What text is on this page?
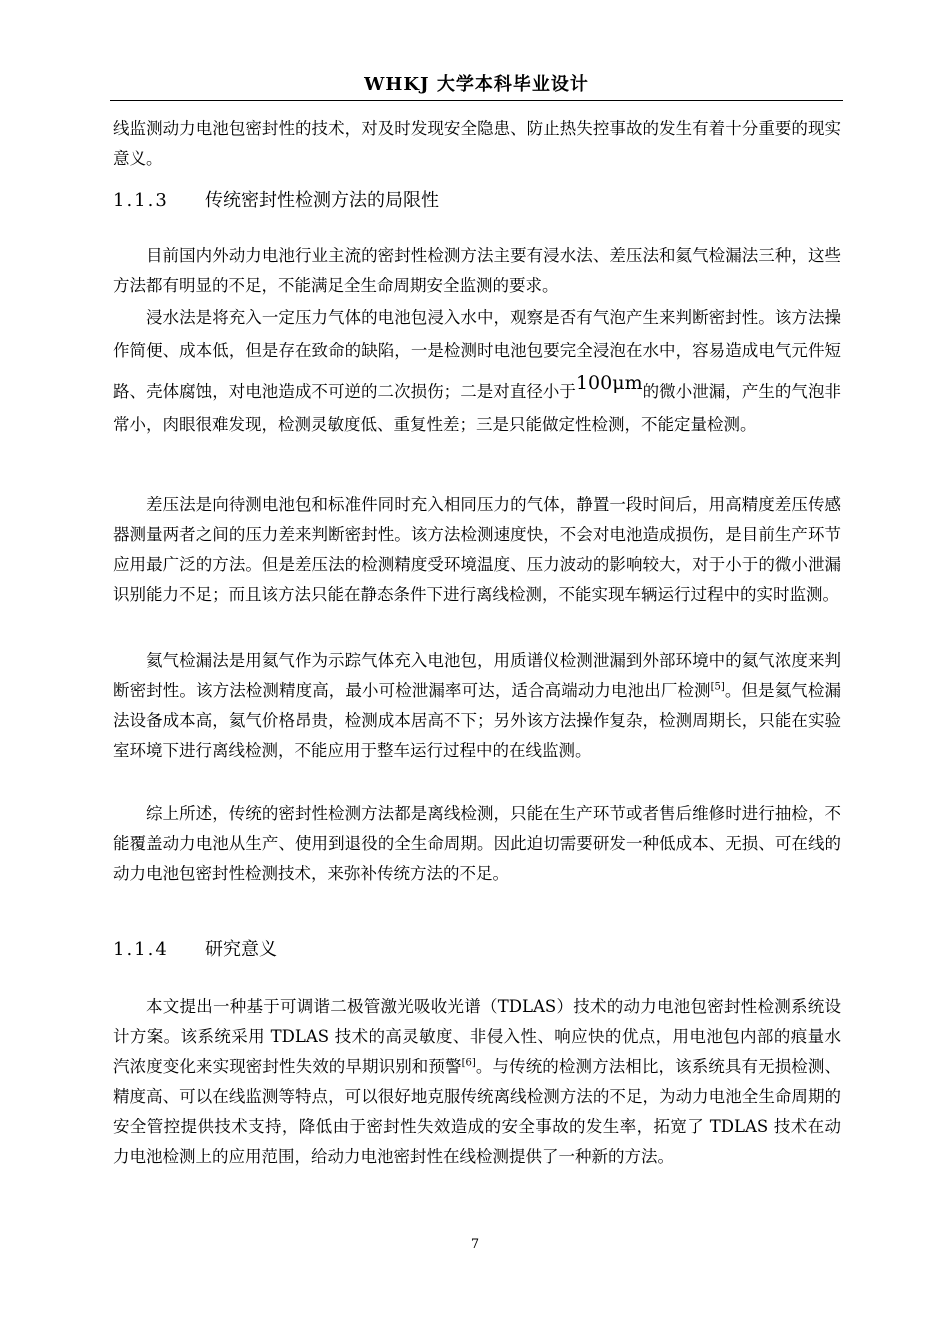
WHKJ 大学本科毕业设计

线监测动力电池包密封性的技术，对及时发现安全隐患、防止热失控事故的发生有着十分重要的现实意义。

1.1.3 传统密封性检测方法的局限性

目前国内外动力电池行业主流的密封性检测方法主要有浸水法、差压法和氦气检漏法三种，这些方法都有明显的不足，不能满足全生命周期安全监测的要求。

浸水法是将充入一定压力气体的电池包浸入水中，观察是否有气泡产生来判断密封性。该方法操作简便、成本低，但是存在致命的缺陷，一是检测时电池包要完全浸泡在水中，容易造成电气元件短路、壳体腐蚀，对电池造成不可逆的二次损伤；二是对直径小于100μm的微小泄漏，产生的气泡非常小，肉眼很难发现，检测灵敏度低、重复性差；三是只能做定性检测，不能定量检测。

差压法是向待测电池包和标准件同时充入相同压力的气体，静置一段时间后，用高精度差压传感器测量两者之间的压力差来判断密封性。该方法检测速度快，不会对电池造成损伤，是目前生产环节应用最广泛的方法。但是差压法的检测精度受环境温度、压力波动的影响较大，对于小于的微小泄漏识别能力不足；而且该方法只能在静态条件下进行离线检测，不能实现车辆运行过程中的实时监测。

氦气检漏法是用氦气作为示踪气体充入电池包，用质谱仪检测泄漏到外部环境中的氦气浓度来判断密封性。该方法检测精度高，最小可检泄漏率可达，适合高端动力电池出厂检测[5]。但是氦气检漏法设备成本高，氦气价格昂贵，检测成本居高不下；另外该方法操作复杂，检测周期长，只能在实验室环境下进行离线检测，不能应用于整车运行过程中的在线监测。

综上所述，传统的密封性检测方法都是离线检测，只能在生产环节或者售后维修时进行抽检，不能覆盖动力电池从生产、使用到退役的全生命周期。因此迫切需要研发一种低成本、无损、可在线的动力电池包密封性检测技术，来弥补传统方法的不足。

1.1.4 研究意义

本文提出一种基于可调谐二极管激光吸收光谱（TDLAS）技术的动力电池包密封性检测系统设计方案。该系统采用 TDLAS 技术的高灵敏度、非侵入性、响应快的优点，用电池包内部的痕量水汽浓度变化来实现密封性失效的早期识别和预警[6]。与传统的检测方法相比，该系统具有无损检测、精度高、可以在线监测等特点，可以很好地克服传统离线检测方法的不足，为动力电池全生命周期的安全管控提供技术支持，降低由于密封性失效造成的安全事故的发生率，拓宽了 TDLAS 技术在动力电池检测上的应用范围，给动力电池密封性在线检测提供了一种新的方法。

7
